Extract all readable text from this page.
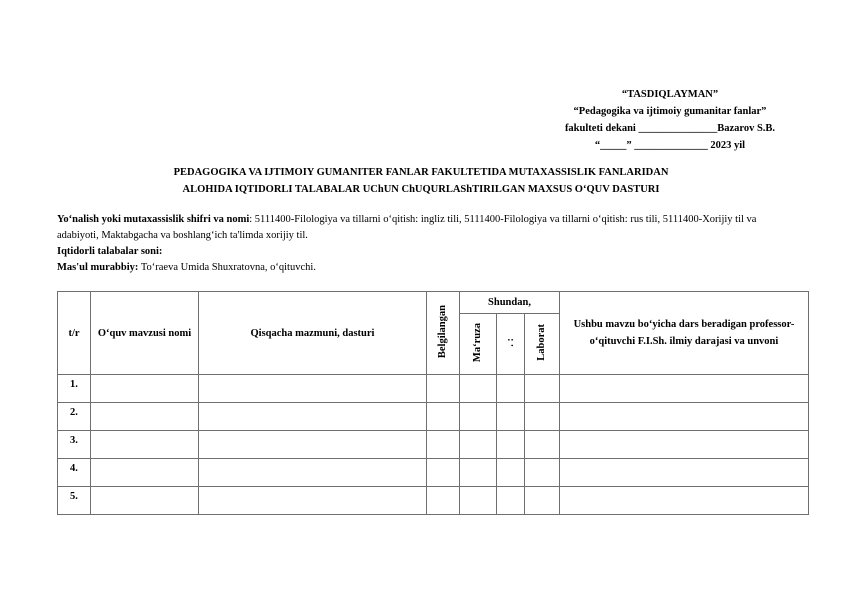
“TASDIQLAYMAN”
“Pedagogika va ijtimoiy gumanitar fanlar”
fakulteti dekani _______________Bazarov S.B.
“_____” ______________ 2023 yil
PEDAGOGIKA VA IJTIMOIY GUMANITER FANLAR FAKULTETIDA MUTAXASSISLIK FANLARIDAN
ALOHIDA IQTIDORLI TALABALAR UChUN ChUQURLAShTIRILGAN MAXSUS O‘QUV DASTURI
Yo‘nalish yoki mutaxassislik shifri va nomi: 5111400-Filologiya va tillarni o‘qitish: ingliz tili, 5111400-Filologiya va tillarni o‘qitish: rus tili, 5111400-Xorijiy til va adabiyoti, Maktabgacha va boshlang‘ich ta'limda xorijiy til.
Iqtidorli talabalar soni:
Mas'ul murabbiy: To‘raeva Umida Shuxratovna, o‘qituvchi.
t/r	O‘quv mavzusi nomi	Qisqacha mazmuni, dasturi	Belgilangan	Shundan,			Ushbu mavzu bo‘yicha dars beradigan professor-o‘qituvchi F.I.Sh. ilmiy darajasi va unvoni
				Ma‘ruza	. :	Laborat	
1.							
2.							
3.							
4.							
5.							
